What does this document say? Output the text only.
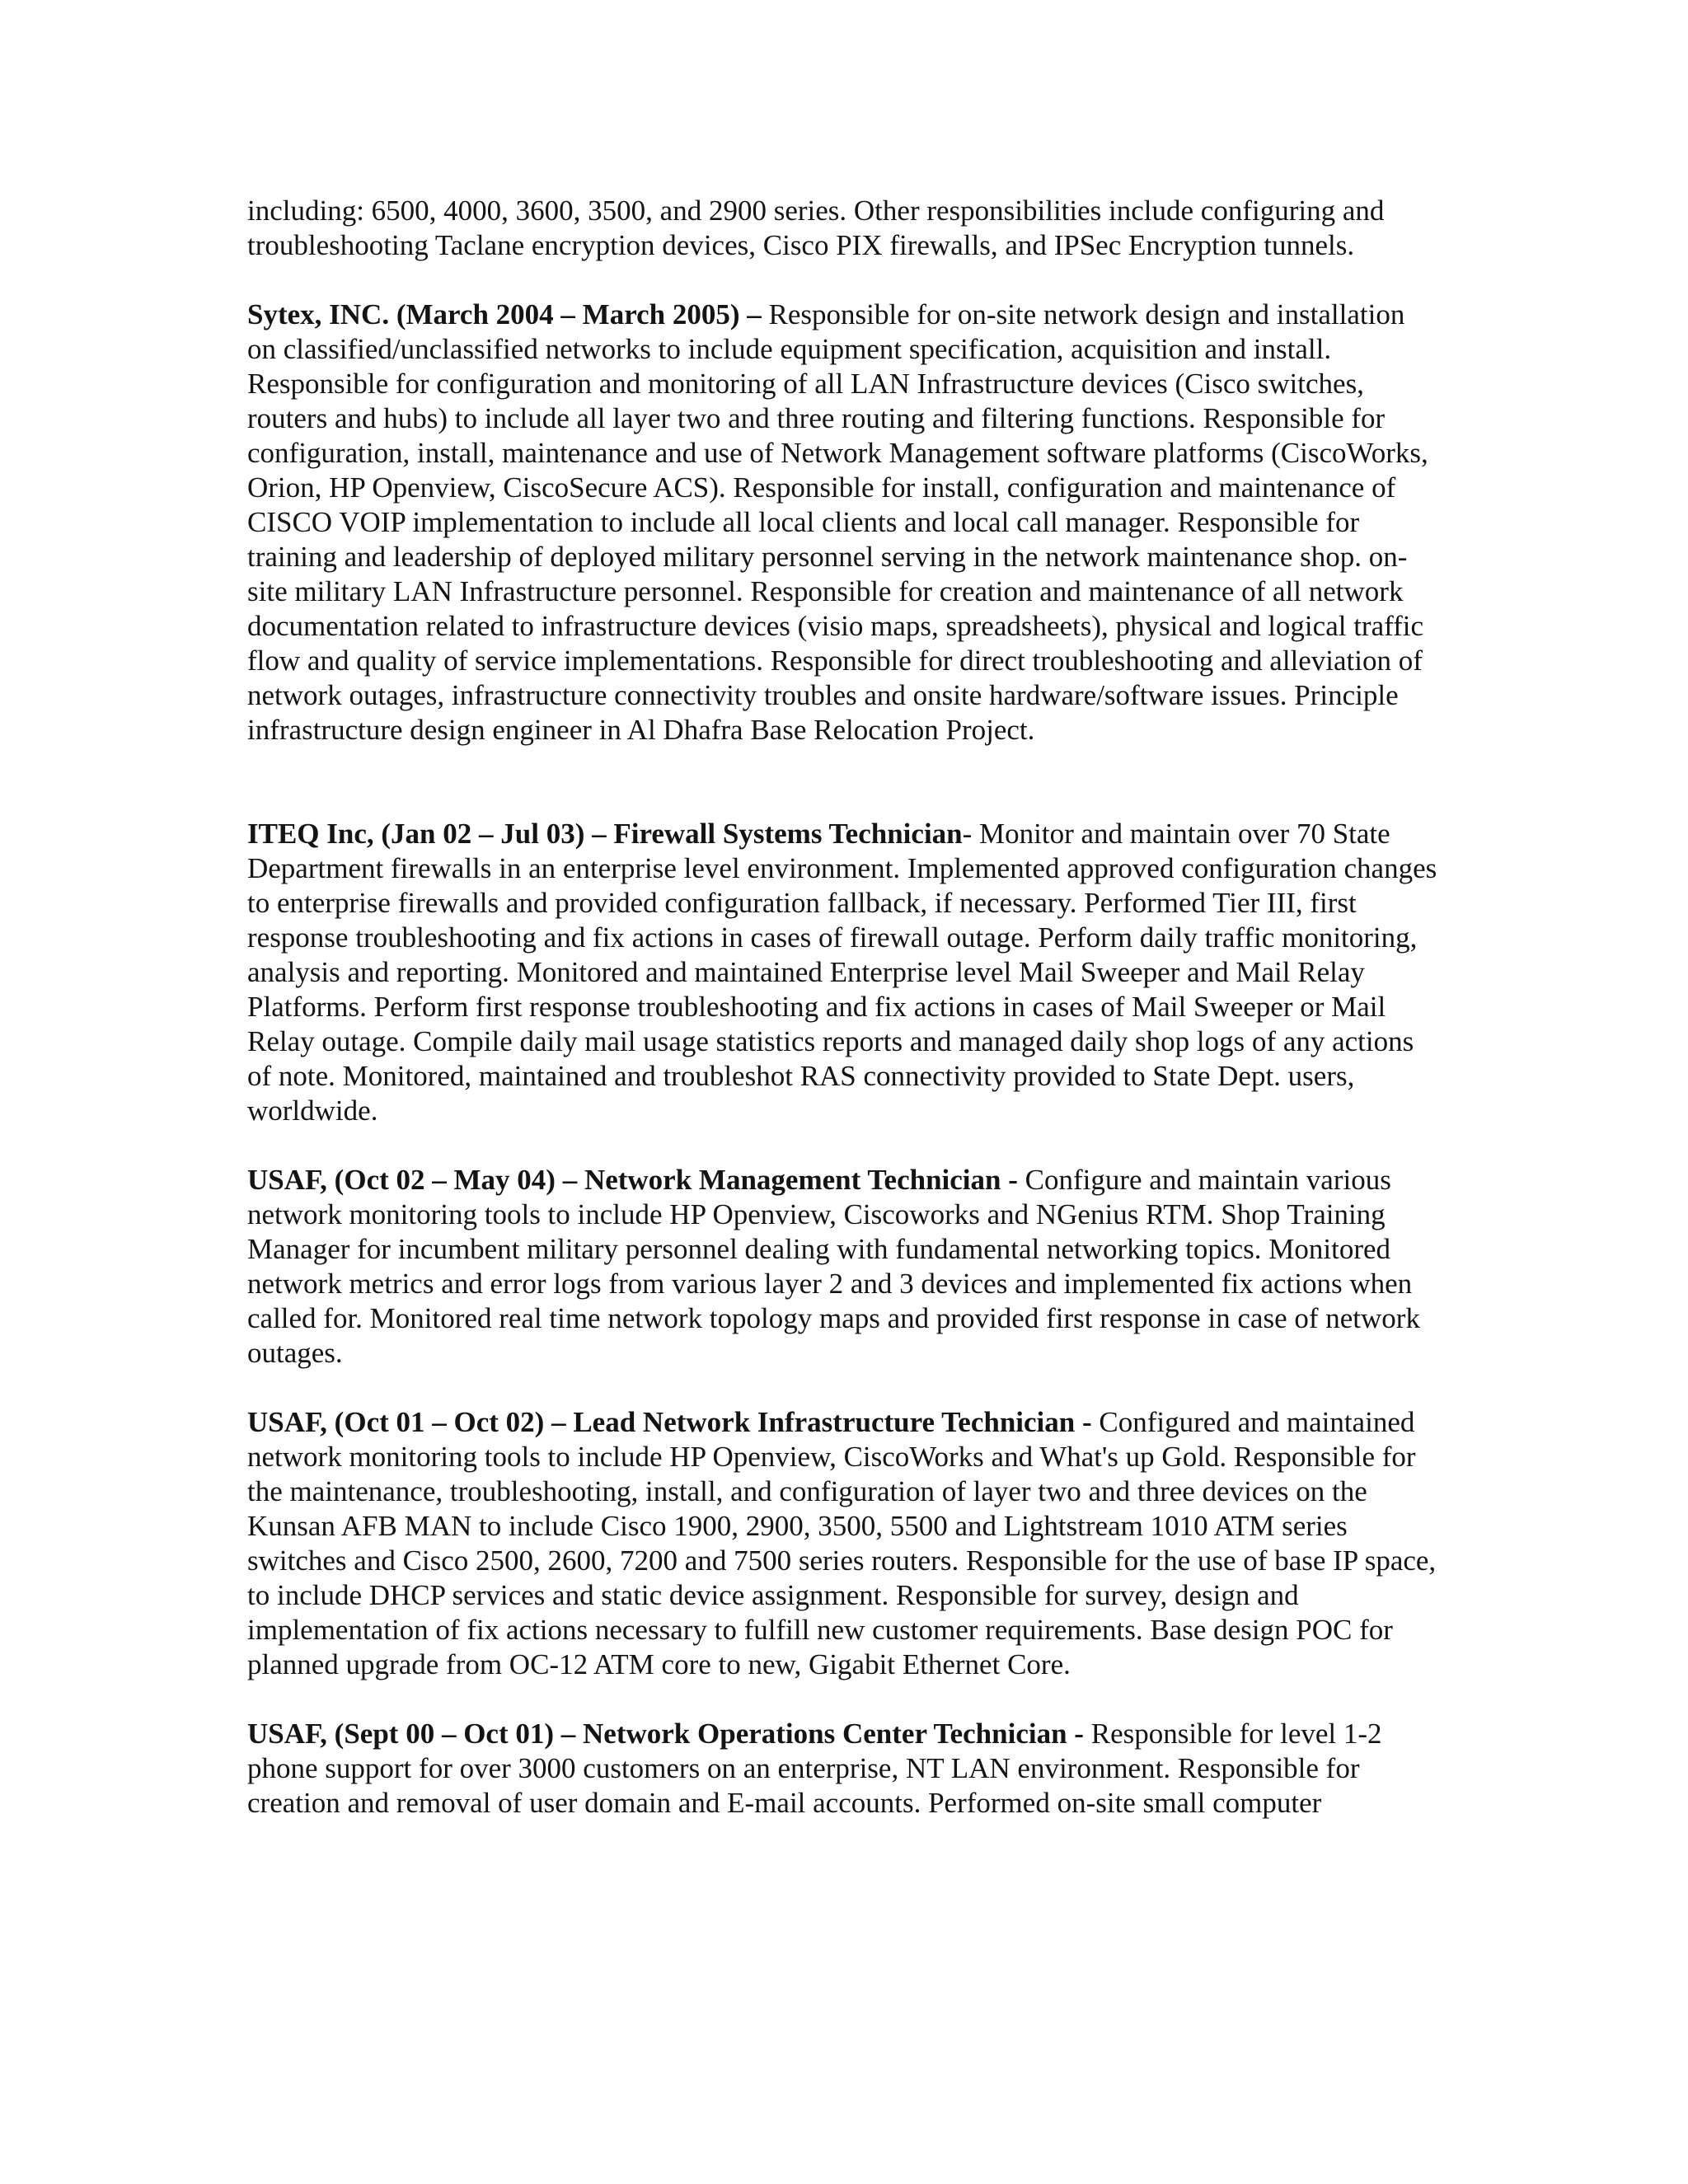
including: 6500, 4000, 3600, 3500, and 2900 series. Other responsibilities include configuring and troubleshooting Taclane encryption devices, Cisco PIX firewalls, and IPSec Encryption tunnels.

Sytex, INC. (March 2004 – March 2005) – Responsible for on-site network design and installation on classified/unclassified networks to include equipment specification, acquisition and install. Responsible for configuration and monitoring of all LAN Infrastructure devices (Cisco switches, routers and hubs) to include all layer two and three routing and filtering functions. Responsible for configuration, install, maintenance and use of Network Management software platforms (CiscoWorks, Orion, HP Openview, CiscoSecure ACS). Responsible for install, configuration and maintenance of CISCO VOIP implementation to include all local clients and local call manager. Responsible for training and leadership of deployed military personnel serving in the network maintenance shop. on-site military LAN Infrastructure personnel. Responsible for creation and maintenance of all network documentation related to infrastructure devices (visio maps, spreadsheets), physical and logical traffic flow and quality of service implementations. Responsible for direct troubleshooting and alleviation of network outages, infrastructure connectivity troubles and onsite hardware/software issues. Principle infrastructure design engineer in Al Dhafra Base Relocation Project.

ITEQ Inc, (Jan 02 – Jul 03) – Firewall Systems Technician- Monitor and maintain over 70 State Department firewalls in an enterprise level environment. Implemented approved configuration changes to enterprise firewalls and provided configuration fallback, if necessary. Performed Tier III, first response troubleshooting and fix actions in cases of firewall outage. Perform daily traffic monitoring, analysis and reporting. Monitored and maintained Enterprise level Mail Sweeper and Mail Relay Platforms. Perform first response troubleshooting and fix actions in cases of Mail Sweeper or Mail Relay outage. Compile daily mail usage statistics reports and managed daily shop logs of any actions of note. Monitored, maintained and troubleshot RAS connectivity provided to State Dept. users, worldwide.

USAF, (Oct 02 – May 04) – Network Management Technician - Configure and maintain various network monitoring tools to include HP Openview, Ciscoworks and NGenius RTM. Shop Training Manager for incumbent military personnel dealing with fundamental networking topics. Monitored network metrics and error logs from various layer 2 and 3 devices and implemented fix actions when called for. Monitored real time network topology maps and provided first response in case of network outages.

USAF, (Oct 01 – Oct 02) – Lead Network Infrastructure Technician - Configured and maintained network monitoring tools to include HP Openview, CiscoWorks and What's up Gold. Responsible for the maintenance, troubleshooting, install, and configuration of layer two and three devices on the Kunsan AFB MAN to include Cisco 1900, 2900, 3500, 5500 and Lightstream 1010 ATM series switches and Cisco 2500, 2600, 7200 and 7500 series routers. Responsible for the use of base IP space, to include DHCP services and static device assignment. Responsible for survey, design and implementation of fix actions necessary to fulfill new customer requirements. Base design POC for planned upgrade from OC-12 ATM core to new, Gigabit Ethernet Core.

USAF, (Sept 00 – Oct 01) – Network Operations Center Technician - Responsible for level 1-2 phone support for over 3000 customers on an enterprise, NT LAN environment. Responsible for creation and removal of user domain and E-mail accounts. Performed on-site small computer
